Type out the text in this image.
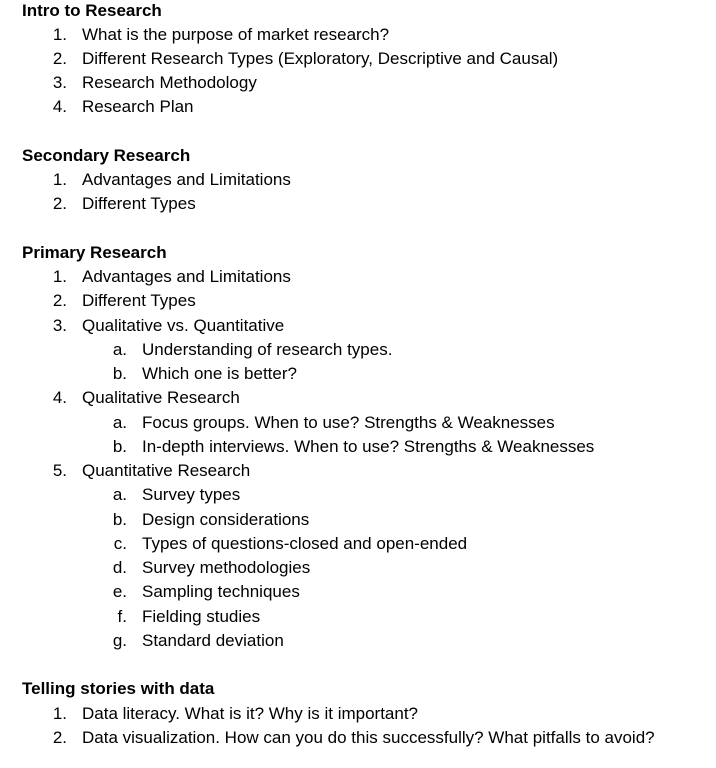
Intro to Research
1. What is the purpose of market research?
2. Different Research Types (Exploratory, Descriptive and Causal)
3. Research Methodology
4. Research Plan
Secondary Research
1. Advantages and Limitations
2. Different Types
Primary Research
1. Advantages and Limitations
2. Different Types
3. Qualitative vs. Quantitative
a. Understanding of research types.
b. Which one is better?
4. Qualitative Research
a. Focus groups. When to use? Strengths & Weaknesses
b. In-depth interviews. When to use? Strengths & Weaknesses
5. Quantitative Research
a. Survey types
b. Design considerations
c. Types of questions-closed and open-ended
d. Survey methodologies
e. Sampling techniques
f. Fielding studies
g. Standard deviation
Telling stories with data
1. Data literacy. What is it? Why is it important?
2. Data visualization. How can you do this successfully? What pitfalls to avoid?
